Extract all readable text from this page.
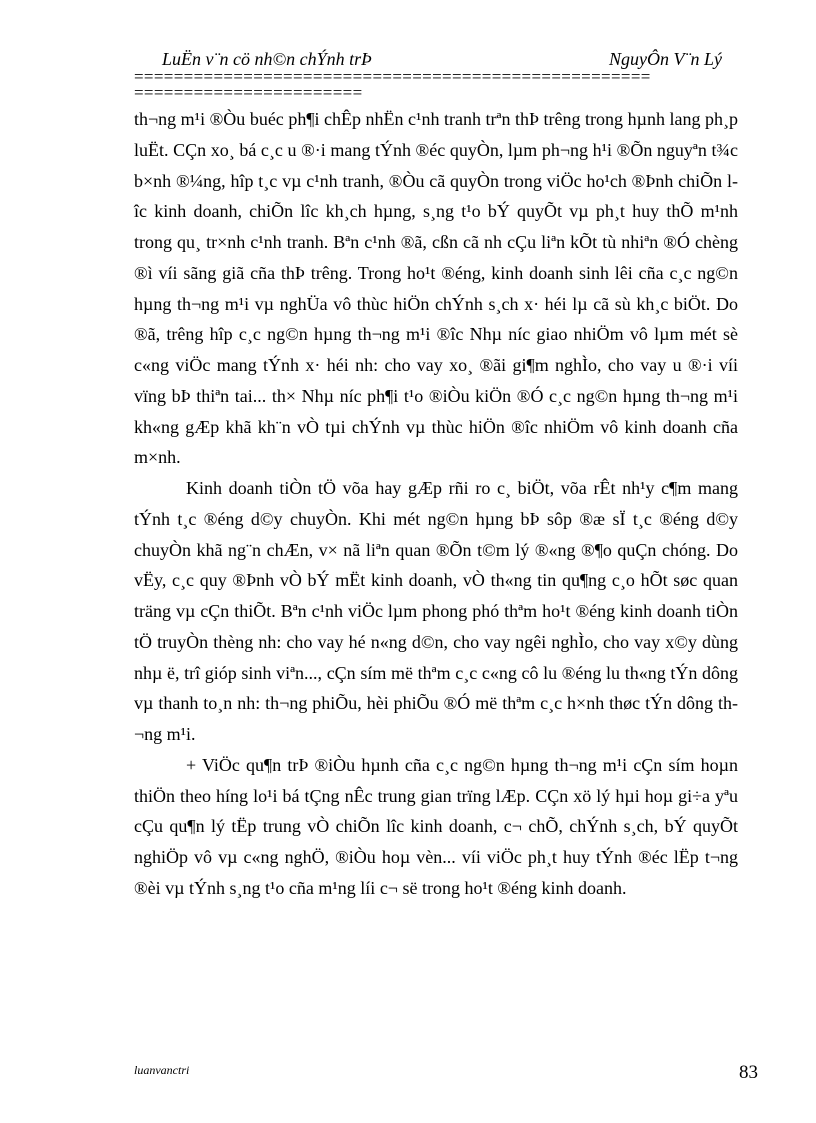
LuËn v¨n cö nh©n chÝnh trÞ	NguyÔn V¨n Lý
====================================================
=======================

th¬ng m¹i ®Òu buéc ph¶i chÊp nhËn c¹nh tranh trªn thÞ trêng trong hµnh lang ph¸p luËt. CÇn xo¸ bá c¸c u ®·i mang tÝnh ®éc quyÒn, lµm ph¬ng h¹i ®Õn nguyªn t¾c b×nh ®¼ng, hîp t¸c vµ c¹nh tranh, ®Òu cã quyÒn trong viÖc ho¹ch ®Þnh chiÕn lîc kinh doanh, chiÕn lîc kh¸ch hµng, s¸ng t¹o bÝ quyÕt vµ ph¸t huy thÕ m¹nh trong qu¸ tr×nh c¹nh tranh. Bªn c¹nh ®ã, cßn cã nh cÇu liªn kÕt tù nhiªn ®Ó chèng ®ì víi sãng giã cña thÞ trêng. Trong ho¹t ®éng, kinh doanh sinh lêi cña c¸c ng©n hµng th¬ng m¹i vµ nghÜa vô thùc hiÖn chÝnh s¸ch x· héi lµ cã sù kh¸c biÖt. Do ®ã, trêng hîp c¸c ng©n hµng th¬ng m¹i ®îc Nhµ níc giao nhiÖm vô lµm mét sè c«ng viÖc mang tÝnh x· héi nh: cho vay xo¸ ®ãi gi¶m nghÌo, cho vay u ®·i víi vïng bÞ thiªn tai... th× Nhµ níc ph¶i t¹o ®iÒu kiÖn ®Ó c¸c ng©n hµng th¬ng m¹i kh«ng gÆp khã kh¨n vÒ tµi chÝnh vµ thùc hiÖn ®îc nhiÖm vô kinh doanh cña m×nh.

Kinh doanh tiÒn tÖ võa hay gÆp rñi ro c¸ biÖt, võa rÊt nh¹y c¶m mang tÝnh t¸c ®éng d©y chuyÒn. Khi mét ng©n hµng bÞ sôp ®æ sÏ t¸c ®éng d©y chuyÒn khã ng¨n chÆn, v× nã liªn quan ®Õn t©m lý ®«ng ®¶o quÇn chóng. Do vËy, c¸c quy ®Þnh vÒ bÝ mËt kinh doanh, vÒ th«ng tin qu¶ng c¸o hÕt søc quan träng vµ cÇn thiÕt. Bªn c¹nh viÖc lµm phong phó thªm ho¹t ®éng kinh doanh tiÒn tÖ truyÒn thèng nh: cho vay hé n«ng d©n, cho vay ngêi nghÌo, cho vay x©y dùng nhµ ë, trî gióp sinh viªn..., cÇn sím më thªm c¸c c«ng cô lu ®éng lu th«ng tÝn dông vµ thanh to¸n nh: th¬ng phiÕu, hèi phiÕu ®Ó më thªm c¸c h×nh thøc tÝn dông th¬ng m¹i.

+ ViÖc qu¶n trÞ ®iÒu hµnh cña c¸c ng©n hµng th¬ng m¹i cÇn sím hoµn thiÖn theo híng lo¹i bá tÇng nÊc trung gian trïng lÆp. CÇn xö lý hµi hoµ gi÷a yªu cÇu qu¶n lý tËp trung vÒ chiÕn lîc kinh doanh, c¬ chÕ, chÝnh s¸ch, bÝ quyÕt nghiÖp vô vµ c«ng nghÖ, ®iÒu hoµ vèn... víi viÖc ph¸t huy tÝnh ®éc lËp t¬ng ®èi vµ tÝnh s¸ng t¹o cña m¹ng líi c¬ së trong ho¹t ®éng kinh doanh.

luanvanctri	83
